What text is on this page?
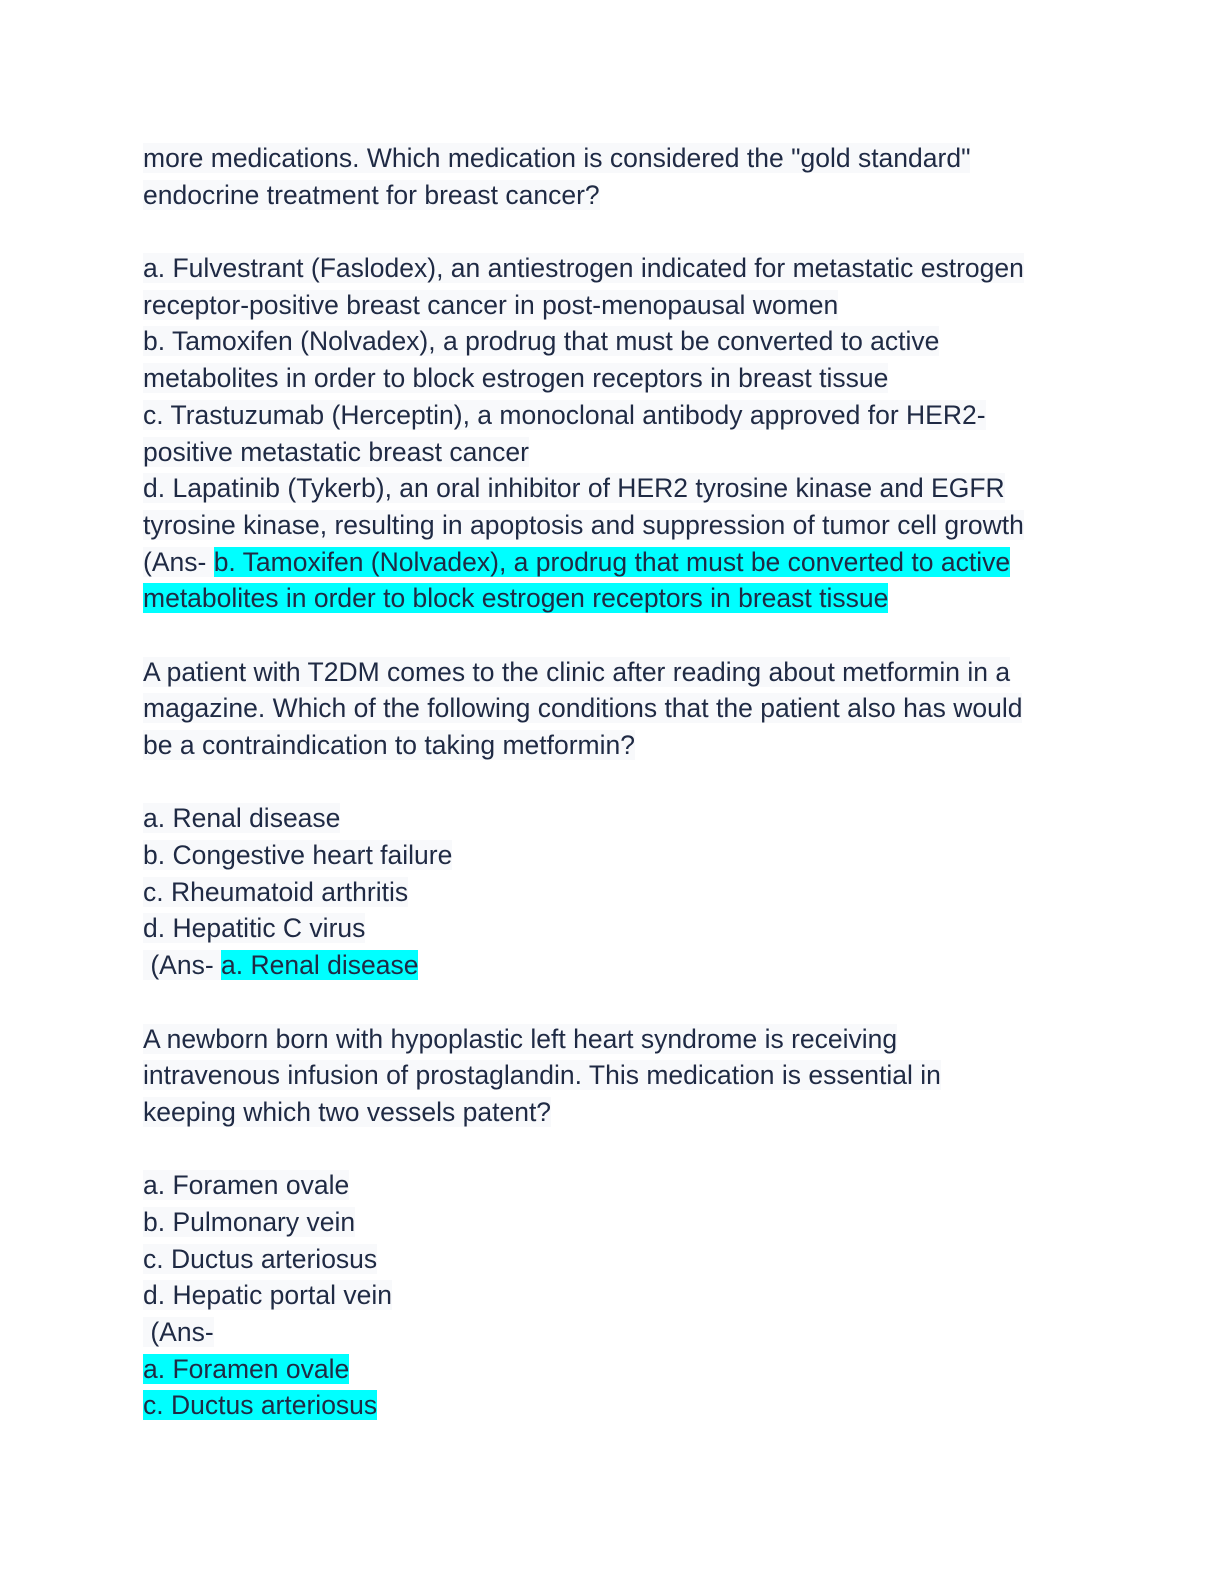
more medications. Which medication is considered the "gold standard"
endocrine treatment for breast cancer?
a. Fulvestrant (Faslodex), an antiestrogen indicated for metastatic estrogen
receptor-positive breast cancer in post-menopausal women
b. Tamoxifen (Nolvadex), a prodrug that must be converted to active
metabolites in order to block estrogen receptors in breast tissue
c. Trastuzumab (Herceptin), a monoclonal antibody approved for HER2-
positive metastatic breast cancer
d. Lapatinib (Tykerb), an oral inhibitor of HER2 tyrosine kinase and EGFR
tyrosine kinase, resulting in apoptosis and suppression of tumor cell growth
(Ans- b. Tamoxifen (Nolvadex), a prodrug that must be converted to active
metabolites in order to block estrogen receptors in breast tissue
A patient with T2DM comes to the clinic after reading about metformin in a
magazine. Which of the following conditions that the patient also has would
be a contraindication to taking metformin?
a. Renal disease
b. Congestive heart failure
c. Rheumatoid arthritis
d. Hepatitic C virus
(Ans- a. Renal disease
A newborn born with hypoplastic left heart syndrome is receiving
intravenous infusion of prostaglandin. This medication is essential in
keeping which two vessels patent?
a. Foramen ovale
b. Pulmonary vein
c. Ductus arteriosus
d. Hepatic portal vein
(Ans-
a. Foramen ovale
c. Ductus arteriosus
